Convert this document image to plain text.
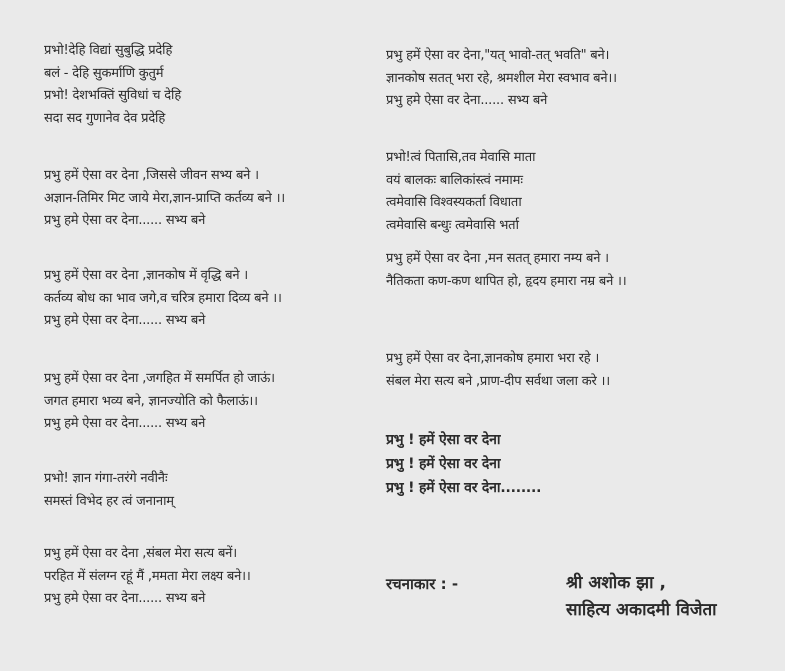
प्रभो!देहि विद्यां सुबुद्धि प्रदेहि
बलं - देहि सुकर्माणि कुतुर्म
प्रभो! देशभक्तिं सुविधां च देहि
सदा सद गुणानेव देव प्रदेहि
प्रभु हमें ऐसा वर देना ,जिससे जीवन सभ्य बने ।
अज्ञान-तिमिर मिट जाये मेरा,ज्ञान-प्राप्ति कर्तव्य बने ।।
प्रभु हमे ऐसा वर देना...... सभ्य बने
प्रभु हमें ऐसा वर देना ,ज्ञानकोष में वृद्धि बने ।
कर्तव्य बोध का भाव जगे,व चरित्र हमारा दिव्य बने ।।
प्रभु हमे ऐसा वर देना...... सभ्य बने
प्रभु हमें ऐसा वर देना ,जगहित में समर्पित हो जाऊं।
जगत हमारा भव्य बने, ज्ञानज्योति को फैलाऊं।।
प्रभु हमे ऐसा वर देना...... सभ्य बने
प्रभो! ज्ञान गंगा-तरंगे नवीनैः
समस्तं विभेद हर त्वं जनानाम्
प्रभु हमें ऐसा वर देना ,संबल मेरा सत्य बनें।
परहित में संलग्न रहूं मैं ,ममता मेरा लक्ष्य बने।।
प्रभु हमे ऐसा वर देना...... सभ्य बने
प्रभु हमें ऐसा वर देना,"यत् भावो-तत् भवति" बने।
ज्ञानकोष सतत् भरा रहे, श्रमशील मेरा स्वभाव बने।।
प्रभु हमे ऐसा वर देना...... सभ्य बने
प्रभो!त्वं पितासि,तव मेवासि माता
वयं बालकः बालिकांस्त्वं नमामः
त्वमेवासि विश्वस्यकर्ता विधाता
त्वमेवासि बन्धुः त्वमेवासि भर्ता
प्रभु हमें ऐसा वर देना ,मन सतत् हमारा नम्य बने ।
नैतिकता कण-कण थापित हो, हृदय हमारा नम्र बने ।।
प्रभु हमें ऐसा वर देना,ज्ञानकोष हमारा भरा रहे ।
संबल मेरा सत्य बने ,प्राण-दीप सर्वथा जला करे ।।
प्रभु ! हमें ऐसा वर देना
प्रभु ! हमें ऐसा वर देना
प्रभु ! हमें ऐसा वर देना........
रचनाकार : -	श्री अशोक झा ,
साहित्य अकादमी विजेता
